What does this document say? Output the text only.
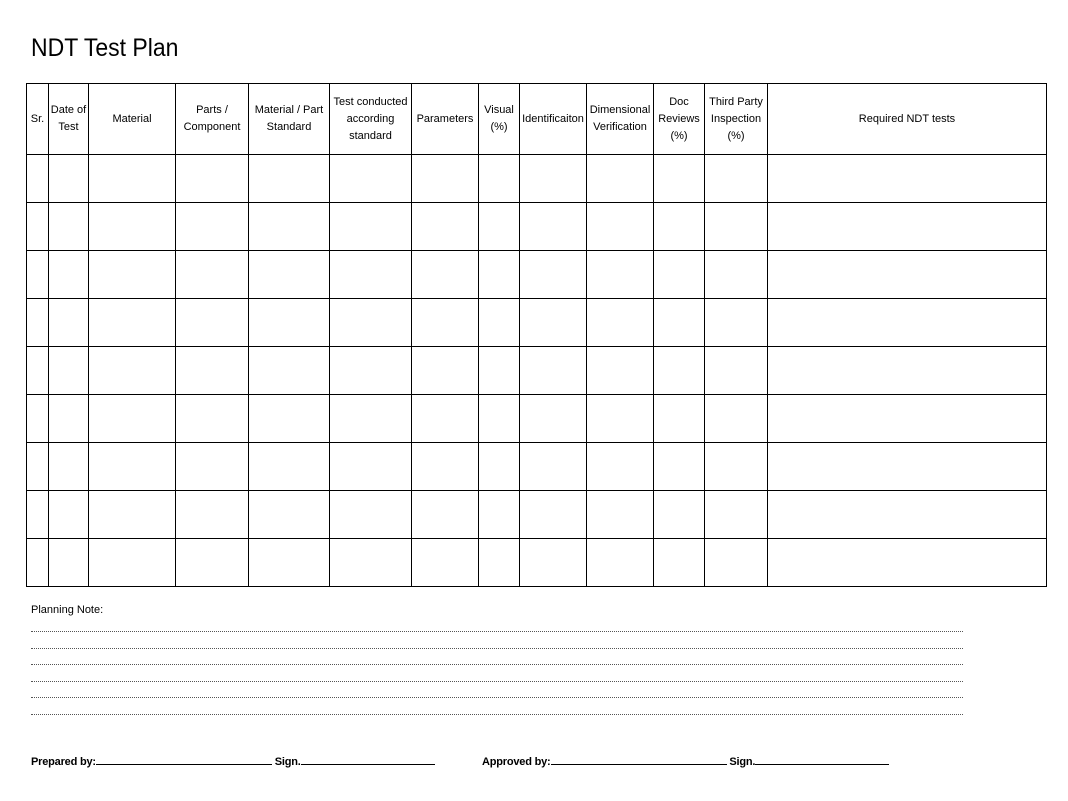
NDT Test Plan
Sr.	Date of Test	Material	Parts / Component	Material / Part Standard	Test conducted according standard	Parameters	Visual (%)	Identificaiton	Dimensional Verification	Doc Reviews (%)	Third Party Inspection (%)	Required NDT tests

Planning Note:
Prepared by:	Sign.	Approved by:	Sign.
